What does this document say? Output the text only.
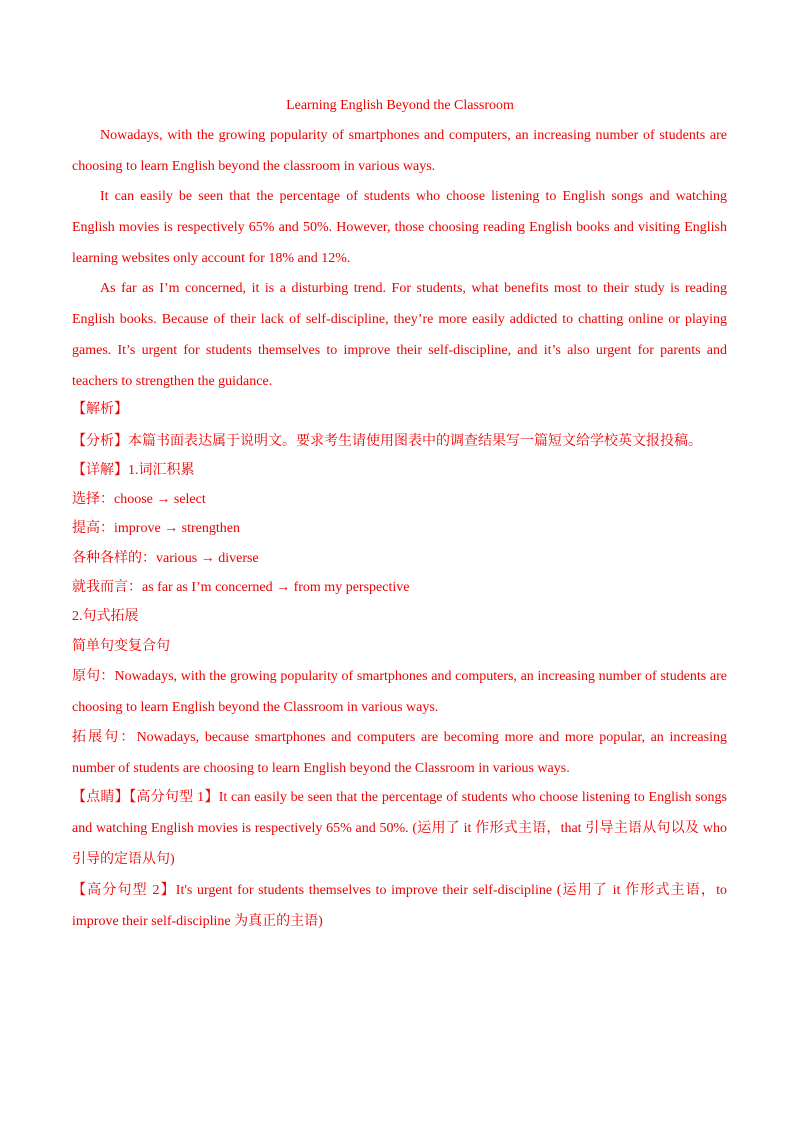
Learning English Beyond the Classroom

Nowadays, with the growing popularity of smartphones and computers, an increasing number of students are choosing to learn English beyond the classroom in various ways.

It can easily be seen that the percentage of students who choose listening to English songs and watching English movies is respectively 65% and 50%. However, those choosing reading English books and visiting English learning websites only account for 18% and 12%.

As far as I’m concerned, it is a disturbing trend. For students, what benefits most to their study is reading English books. Because of their lack of self-discipline, they’re more easily addicted to chatting online or playing games. It’s urgent for students themselves to improve their self-discipline, and it’s also urgent for parents and teachers to strengthen the guidance.

【解析】
【分析】本篇书面表达属于说明文。要求考生请使用图表中的调查结果写一篇短文给学校英文报投稿。
【详解】1.词汇积累
选择：choose → select
提高：improve → strengthen
各种各样的：various → diverse
就我而言：as far as I’m concerned → from my perspective
2.句式拓展
简单句变复合句

原句：Nowadays, with the growing popularity of smartphones and computers, an increasing number of students are choosing to learn English beyond the Classroom in various ways.

拓展句：Nowadays, because smartphones and computers are becoming more and more popular, an increasing number of students are choosing to learn English beyond the Classroom in various ways.

【点睛】【高分句型 1】It can easily be seen that the percentage of students who choose listening to English songs and watching English movies is respectively 65% and 50%. (运用了 it 作形式主语，that 引导主语从句以及 who 引导的定语从句)

【高分句型 2】It's urgent for students themselves to improve their self-discipline (运用了 it 作形式主语，to improve their self-discipline 为真正的主语)
